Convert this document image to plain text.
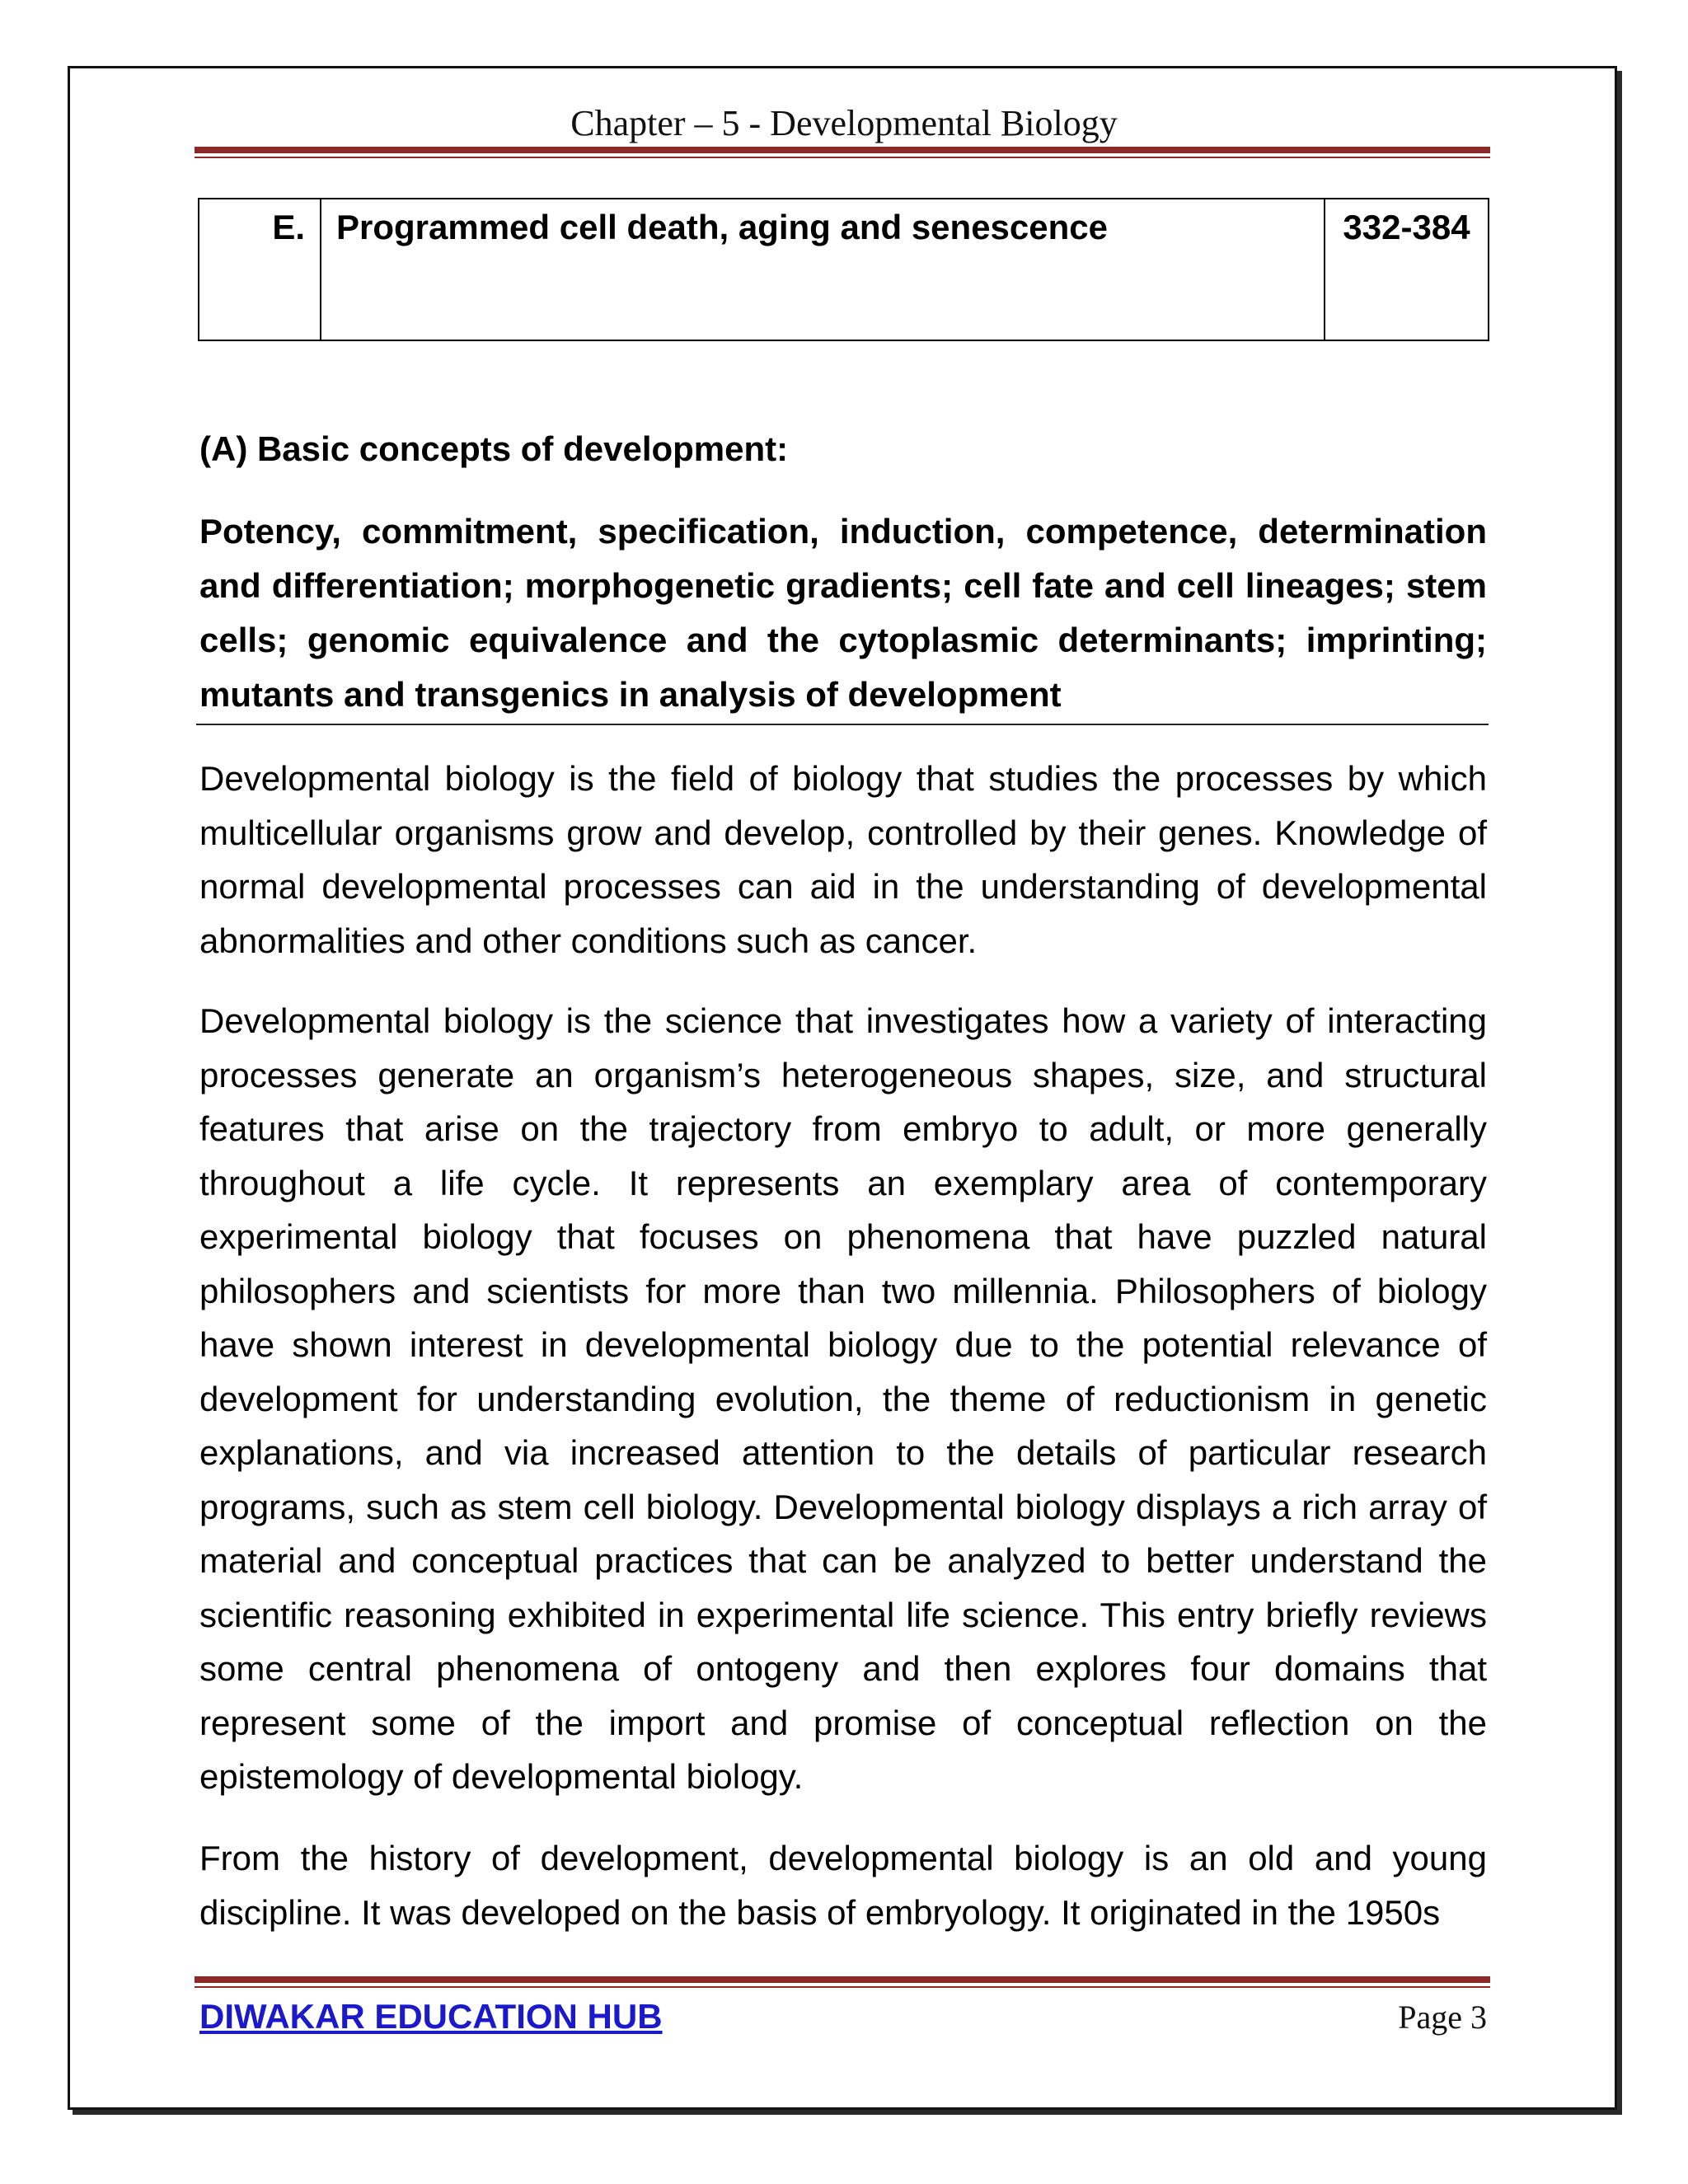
Chapter – 5 - Developmental Biology
E.	Programmed cell death, aging and senescence	332-384
(A) Basic concepts of development:
Potency, commitment, specification, induction, competence, determination and differentiation; morphogenetic gradients; cell fate and cell lineages; stem cells; genomic equivalence and the cytoplasmic determinants; imprinting; mutants and transgenics in analysis of development

Developmental biology is the field of biology that studies the processes by which multicellular organisms grow and develop, controlled by their genes. Knowledge of normal developmental processes can aid in the understanding of developmental abnormalities and other conditions such as cancer.

Developmental biology is the science that investigates how a variety of interacting processes generate an organism’s heterogeneous shapes, size, and structural features that arise on the trajectory from embryo to adult, or more generally throughout a life cycle. It represents an exemplary area of contemporary experimental biology that focuses on phenomena that have puzzled natural philosophers and scientists for more than two millennia. Philosophers of biology have shown interest in developmental biology due to the potential relevance of development for understanding evolution, the theme of reductionism in genetic explanations, and via increased attention to the details of particular research programs, such as stem cell biology. Developmental biology displays a rich array of material and conceptual practices that can be analyzed to better understand the scientific reasoning exhibited in experimental life science. This entry briefly reviews some central phenomena of ontogeny and then explores four domains that represent some of the import and promise of conceptual reflection on the epistemology of developmental biology.

From the history of development, developmental biology is an old and young discipline. It was developed on the basis of embryology. It originated in the 1950s

DIWAKAR EDUCATION HUB	Page 3
